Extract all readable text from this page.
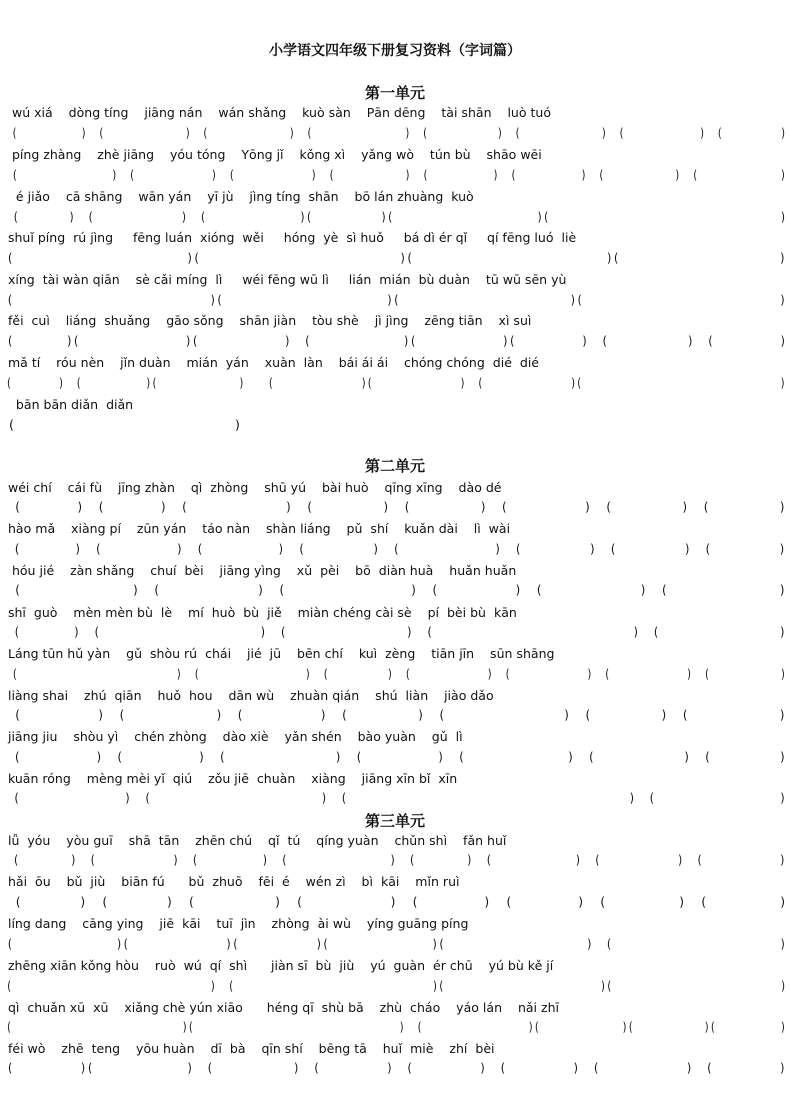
小学语文四年级下册复习资料（字词篇）
第一单元
wú xiá    dòng tíng    jiāng nán    wán shǎng    kuò sàn    Pān dēng    tài shān    luò tuó
(           )  (              )  (              )  (                )  (            )  (              )  (             )  (          )
píng zhàng    zhè jiāng    yóu tóng    Yōng jǐ    kǒng xì    yǎng wò    tún bù    shāo wēi
(                )  (             )  (             )  (            )  (           )  (           )  (            )  (              )
é jiǎo    cā shāng    wān yán    yī jù    jìng tíng  shān    bō lán zhuàng  kuò
(        )  (              )  (               )(           )(                       )(                                     )
shuǐ píng  rú jìng     fēng luán  xióng  wěi     hóng  yè  sì huǒ     bá dì ér qǐ     qí fēng luó  liè
(                          )(                              )(                             )(                        )
xíng  tài wàn qiān    sè cǎi míng  lì     wéi fēng wū lì     lián  mián  bù duàn    tū wū sēn yù
(                              )(                         )(                          )(                              )
fěi  cuì    liáng  shuǎng    gāo sǒng    shān jiàn    tòu shè    jì jìng    zēng tiān    xì suì
(        )(                )(             )  (              )(             )(          )  (            )  (          )
mǎ tí    róu nèn    jǐn duàn    mián  yán    xuàn  làn    bái ái ái    chóng chóng  dié  dié
(        )  (           )(              )    (               )(               )  (               )(                                  )
bān bān diǎn  diǎn
(                             )
第二单元
wéi chí    cái fù    jīng zhàn    qì  zhòng    shū yú    bài huò    qīng xīng    dào dé
(        )  (        )  (              )  (          )  (          )  (           )  (          )  (          )
hào mǎ    xiàng pí    zūn yán    táo nàn    shàn liáng    pǔ  shí    kuǎn dài    lì  wài
(        )  (           )  (           )  (          )  (              )  (          )  (          )  (          )
hóu jié    zàn shǎng    chuí  bèi    jiāng yìng    xǔ  pèi    bō  diàn huà    huǎn huǎn
(                )  (              )  (                  )  (           )  (              )  (                )
shī  guò    mèn mèn bù  lè    mí  huò  bù  jiě    miàn chéng cài sè    pí  bèi bù  kān
(        )  (                        )  (                  )  (                              )  (                  )
Láng tūn hǔ yàn    gǔ  shòu rú  chái    jié  jū    bēn chí    kuì  zèng    tiān jīn    sūn shāng
(                           )  (                  )  (          )  (             )  (             )  (             )  (            )
liàng shai    zhú  qiān    huǒ  hou    dān wù    zhuàn qián    shú  liàn    jiào dǎo
(           )  (             )  (           )  (          )  (                 )  (          )  (             )
jiāng jiu    shòu yì    chén zhòng    dào xiè    yǎn shén    bào yuàn    gǔ  lì
(           )  (           )  (                )  (           )  (               )  (             )  (          )
kuān róng    mèng mèi yǐ  qiú    zǒu jiē  chuàn    xiàng    jiāng xīn bǐ  xīn
(                )  (                          )  (                                           )  (                   )
第三单元
lǚ  yóu    yòu guī    shā  tān    zhēn chú    qǐ  tú    qíng yuàn    chǔn shì    fǎn huǐ
(        )  (            )  (          )  (                )  (        )  (             )  (            )  (            )
hǎi  ōu    bǔ  jiù    biān fú      bǔ  zhuō    fēi  é    wén zì    bì  kāi    mǐn ruì
(        )  (        )  (           )  (            )  (         )  (         )  (          )  (          )
líng dang    cāng ying    jiē  kāi    tuī  jìn    zhòng  ài wù    yíng guāng píng
(                )(               )(            )(                )(                      )  (                          )
zhēng xiān kǒng hòu    ruò  wú  qí  shì      jiàn sī  bù  jiù    yú  guàn  ér chū    yú bù kě jí
(                                 )  (                                 )(                          )(                            )
qì  chuǎn xū  xū    xiǎng chè yún xiāo      héng qī  shù bā    zhù  cháo    yáo lán    nǎi zhī
(                             )(                                   )  (                  )(              )(            )(           )
féi wò    zhē  teng    yōu huàn    dī  bà    qīn shí    bēng tā    huǐ  miè    zhí  bèi
(          )(              )  (            )  (          )  (          )  (          )  (             )  (          )
